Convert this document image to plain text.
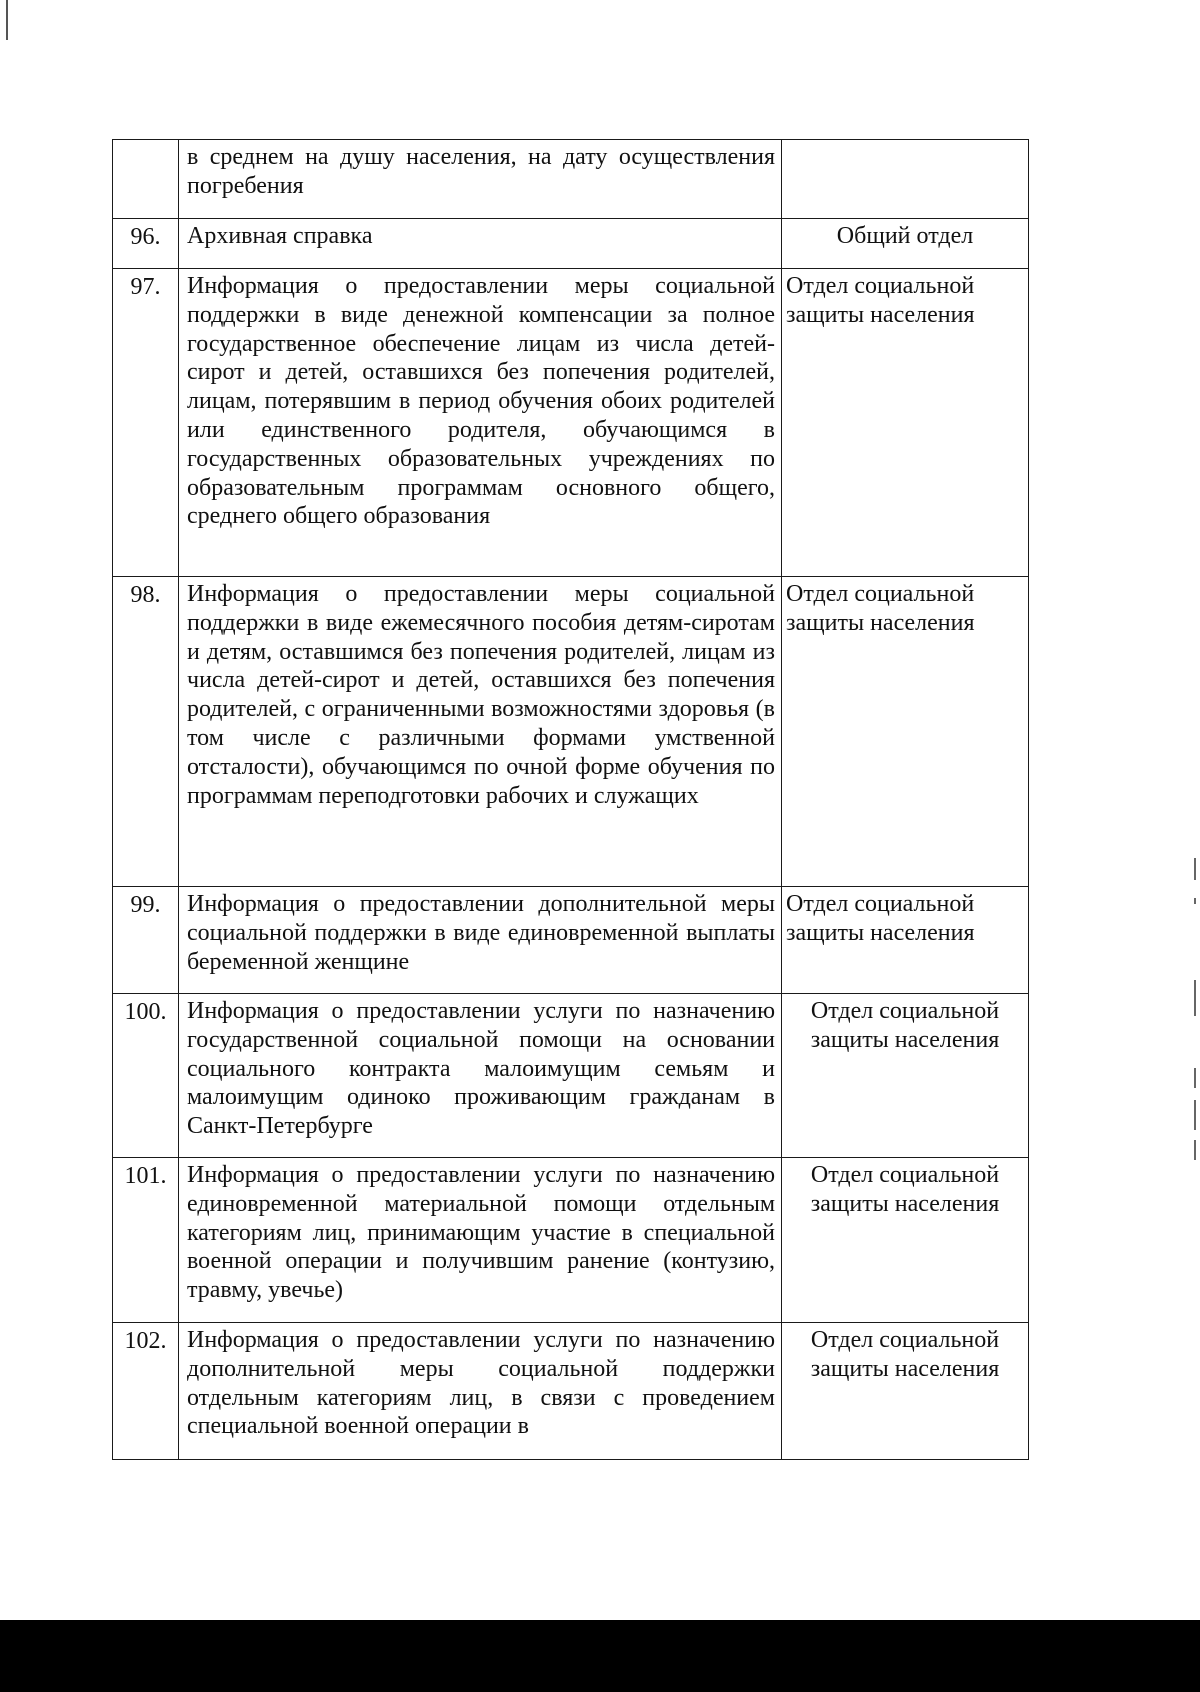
	в среднем на душу населения, на дату осуществления погребения	
96.	Архивная справка	Общий отдел
97.	Информация о предоставлении меры социальной поддержки в виде денежной компенсации за полное государственное обеспечение лицам из числа детей-сирот и детей, оставшихся без попечения родителей, лицам, потерявшим в период обучения обоих родителей или единственного родителя, обучающимся в государственных образовательных учреждениях по образовательным программам основного общего, среднего общего образования	Отдел социальной защиты населения
98.	Информация о предоставлении меры социальной поддержки в виде ежемесячного пособия детям-сиротам и детям, оставшимся без попечения родителей, лицам из числа детей-сирот и детей, оставшихся без попечения родителей, с ограниченными возможностями здоровья (в том числе с различными формами умственной отсталости), обучающимся по очной форме обучения по программам переподготовки рабочих и служащих	Отдел социальной защиты населения
99.	Информация о предоставлении дополнительной меры социальной поддержки в виде единовременной выплаты беременной женщине	Отдел социальной защиты населения
100.	Информация о предоставлении услуги по назначению государственной социальной помощи на основании социального контракта малоимущим семьям и малоимущим одиноко проживающим гражданам в Санкт-Петербурге	Отдел социальной защиты населения
101.	Информация о предоставлении услуги по назначению единовременной материальной помощи отдельным категориям лиц, принимающим участие в специальной военной операции и получившим ранение (контузию, травму, увечье)	Отдел социальной защиты населения
102.	Информация о предоставлении услуги по назначению дополнительной меры социальной поддержки отдельным категориям лиц, в связи с проведением специальной военной операции в	Отдел социальной защиты населения
